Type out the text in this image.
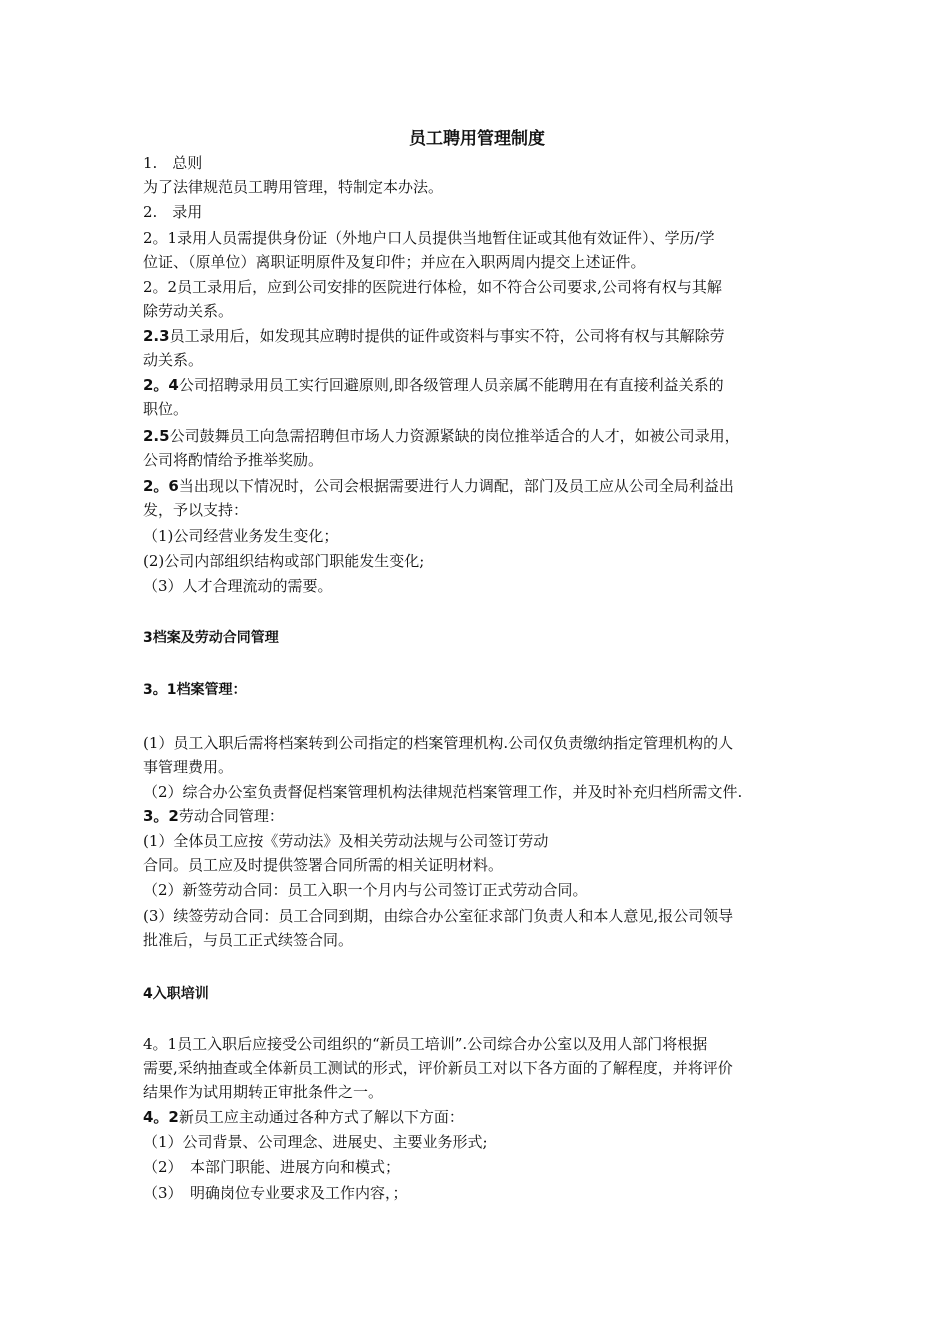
员工聘用管理制度
1.　总则
为了法律规范员工聘用管理，特制定本办法。
2.　录用
2。1录用人员需提供身份证（外地户口人员提供当地暂住证或其他有效证件）、学历/学
位证、（原单位）离职证明原件及复印件；并应在入职两周内提交上述证件。
2。2员工录用后，应到公司安排的医院进行体检，如不符合公司要求,公司将有权与其解
除劳动关系。
2.3员工录用后，如发现其应聘时提供的证件或资料与事实不符，公司将有权与其解除劳
动关系。
2。4公司招聘录用员工实行回避原则,即各级管理人员亲属不能聘用在有直接利益关系的
职位。
2.5公司鼓舞员工向急需招聘但市场人力资源紧缺的岗位推举适合的人才，如被公司录用，
公司将酌情给予推举奖励。
2。6当出现以下情况时，公司会根据需要进行人力调配，部门及员工应从公司全局利益出
发，予以支持：
（1)公司经营业务发生变化；
(2)公司内部组织结构或部门职能发生变化;
（3）人才合理流动的需要。
3档案及劳动合同管理
3。1档案管理：
(1）员工入职后需将档案转到公司指定的档案管理机构.公司仅负责缴纳指定管理机构的人
事管理费用。
（2）综合办公室负责督促档案管理机构法律规范档案管理工作，并及时补充归档所需文件.
3。2劳动合同管理：
(1）全体员工应按《劳动法》及相关劳动法规与公司签订劳动
合同。员工应及时提供签署合同所需的相关证明材料。
（2）新签劳动合同：员工入职一个月内与公司签订正式劳动合同。
(3）续签劳动合同：员工合同到期，由综合办公室征求部门负责人和本人意见,报公司领导
批准后，与员工正式续签合同。
4入职培训
4。1员工入职后应接受公司组织的“新员工培训”.公司综合办公室以及用人部门将根据
需要,采纳抽查或全体新员工测试的形式，评价新员工对以下各方面的了解程度，并将评价
结果作为试用期转正审批条件之一。
4。2新员工应主动通过各种方式了解以下方面：
（1）公司背景、公司理念、进展史、主要业务形式;
（2）　本部门职能、进展方向和模式；
（3）　明确岗位专业要求及工作内容，；
